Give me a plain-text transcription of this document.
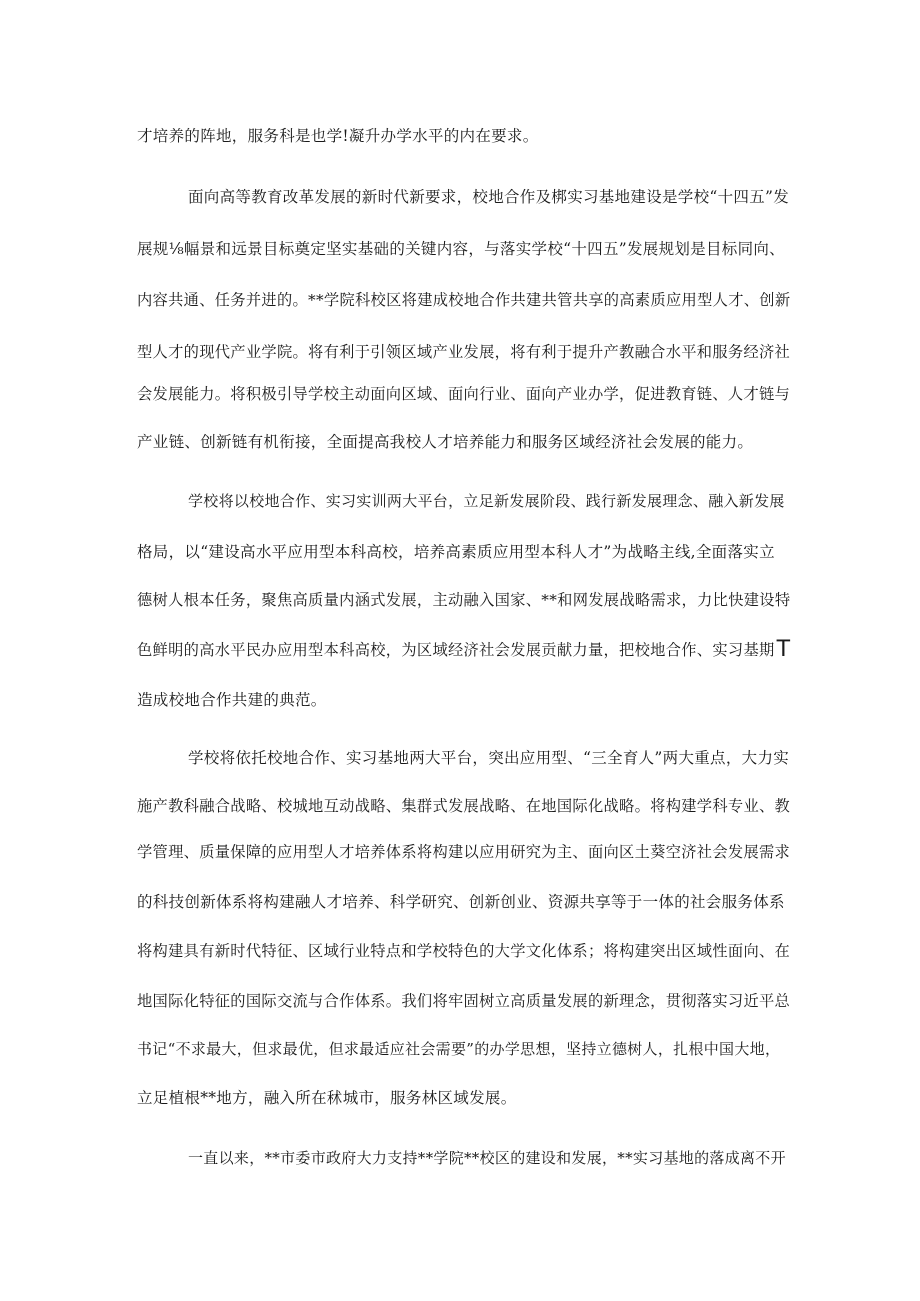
才培养的阵地，服务科是也学!凝升办学水平的内在要求。
面向高等教育改革发展的新时代新要求，校地合作及梆实习基地建设是学校“十四五”发
展规⅛幅景和远景目标奠定坚实基础的关键内容，与落实学校“十四五”发展规划是目标同向、
内容共通、任务并进的。**学院科校区将建成校地合作共建共管共享的高素质应用型人才、创新
型人才的现代产业学院。将有利于引领区域产业发展，将有利于提升产教融合水平和服务经济社
会发展能力。将积极引导学校主动面向区域、面向行业、面向产业办学，促进教育链、人才链与
产业链、创新链有机衔接，全面提高我校人才培养能力和服务区域经济社会发展的能力。
学校将以校地合作、实习实训两大平台，立足新发展阶段、践行新发展理念、融入新发展
格局，以“建设高水平应用型本科高校，培养高素质应用型本科人才”为战略主线,全面落实立
德树人根本任务，聚焦高质量内涵式发展，主动融入国家、**和网发展战略需求，力比快建设特
色鲜明的高水平民办应用型本科高校，为区域经济社会发展贡献力量，把校地合作、实习基期T
造成校地合作共建的典范。
学校将依托校地合作、实习基地两大平台，突出应用型、“三全育人”两大重点，大力实
施产教科融合战略、校城地互动战略、集群式发展战略、在地国际化战略。将构建学科专业、教
学管理、质量保障的应用型人才培养体系将构建以应用研究为主、面向区土葵空济社会发展需求
的科技创新体系将构建融人才培养、科学研究、创新创业、资源共享等于一体的社会服务体系
将构建具有新时代特征、区域行业特点和学校特色的大学文化体系；将构建突出区域性面向、在
地国际化特征的国际交流与合作体系。我们将牢固树立高质量发展的新理念，贯彻落实习近平总
书记“不求最大，但求最优，但求最适应社会需要”的办学思想，坚持立德树人，扎根中国大地，
立足植根**地方，融入所在秫城市，服务林区域发展。
一直以来，**市委市政府大力支持**学院**校区的建设和发展，**实习基地的落成离不开
